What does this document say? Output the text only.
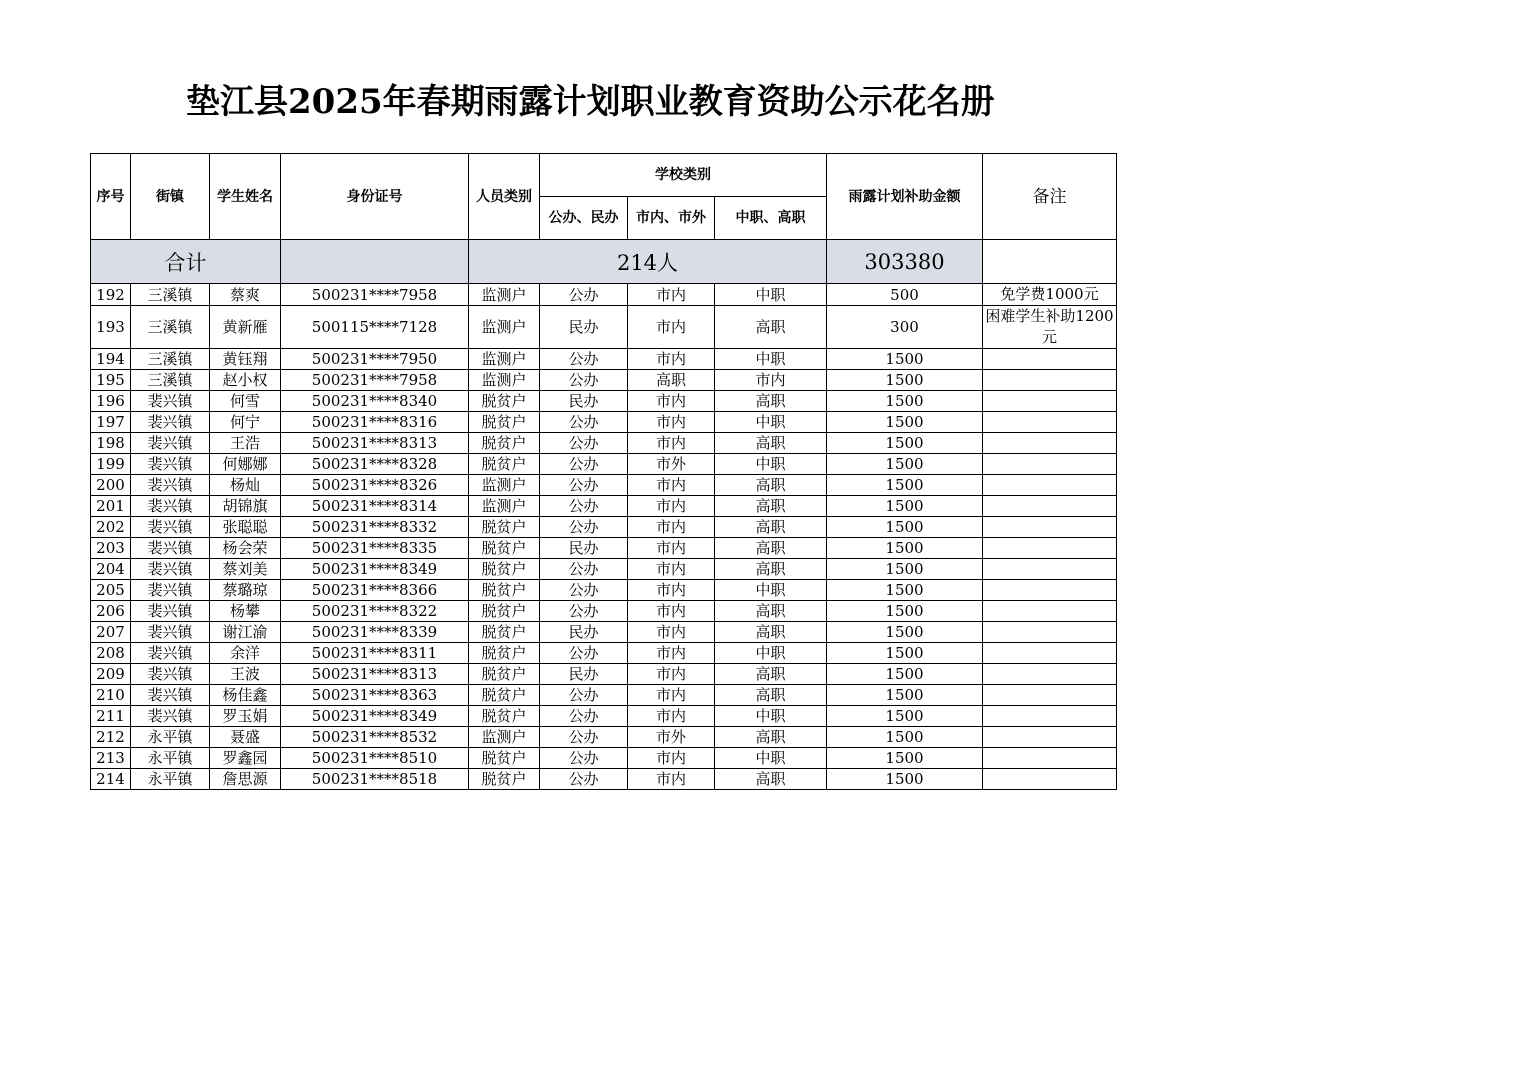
垫江县2025年春期雨露计划职业教育资助公示花名册
序号	街镇	学生姓名	身份证号	人员类别	学校类别			雨露计划补助金额	备注
					公办、民办	市内、市外	中职、高职		
合计				214人				303380	
192	三溪镇	蔡爽	500231****7958	监测户	公办	市内	中职	500	免学费1000元
193	三溪镇	黄新雁	500115****7128	监测户	民办	市内	高职	300	困难学生补助1200元
194	三溪镇	黄钰翔	500231****7950	监测户	公办	市内	中职	1500	
195	三溪镇	赵小权	500231****7958	监测户	公办	高职	市内	1500	
196	裴兴镇	何雪	500231****8340	脱贫户	民办	市内	高职	1500	
197	裴兴镇	何宁	500231****8316	脱贫户	公办	市内	中职	1500	
198	裴兴镇	王浩	500231****8313	脱贫户	公办	市内	高职	1500	
199	裴兴镇	何娜娜	500231****8328	脱贫户	公办	市外	中职	1500	
200	裴兴镇	杨灿	500231****8326	监测户	公办	市内	高职	1500	
201	裴兴镇	胡锦旗	500231****8314	监测户	公办	市内	高职	1500	
202	裴兴镇	张聪聪	500231****8332	脱贫户	公办	市内	高职	1500	
203	裴兴镇	杨会荣	500231****8335	脱贫户	民办	市内	高职	1500	
204	裴兴镇	蔡刘美	500231****8349	脱贫户	公办	市内	高职	1500	
205	裴兴镇	蔡璐琼	500231****8366	脱贫户	公办	市内	中职	1500	
206	裴兴镇	杨攀	500231****8322	脱贫户	公办	市内	高职	1500	
207	裴兴镇	谢江渝	500231****8339	脱贫户	民办	市内	高职	1500	
208	裴兴镇	余洋	500231****8311	脱贫户	公办	市内	中职	1500	
209	裴兴镇	王波	500231****8313	脱贫户	民办	市内	高职	1500	
210	裴兴镇	杨佳鑫	500231****8363	脱贫户	公办	市内	高职	1500	
211	裴兴镇	罗玉娟	500231****8349	脱贫户	公办	市内	中职	1500	
212	永平镇	聂盛	500231****8532	监测户	公办	市外	高职	1500	
213	永平镇	罗鑫园	500231****8510	脱贫户	公办	市内	中职	1500	
214	永平镇	詹思源	500231****8518	脱贫户	公办	市内	高职	1500	
